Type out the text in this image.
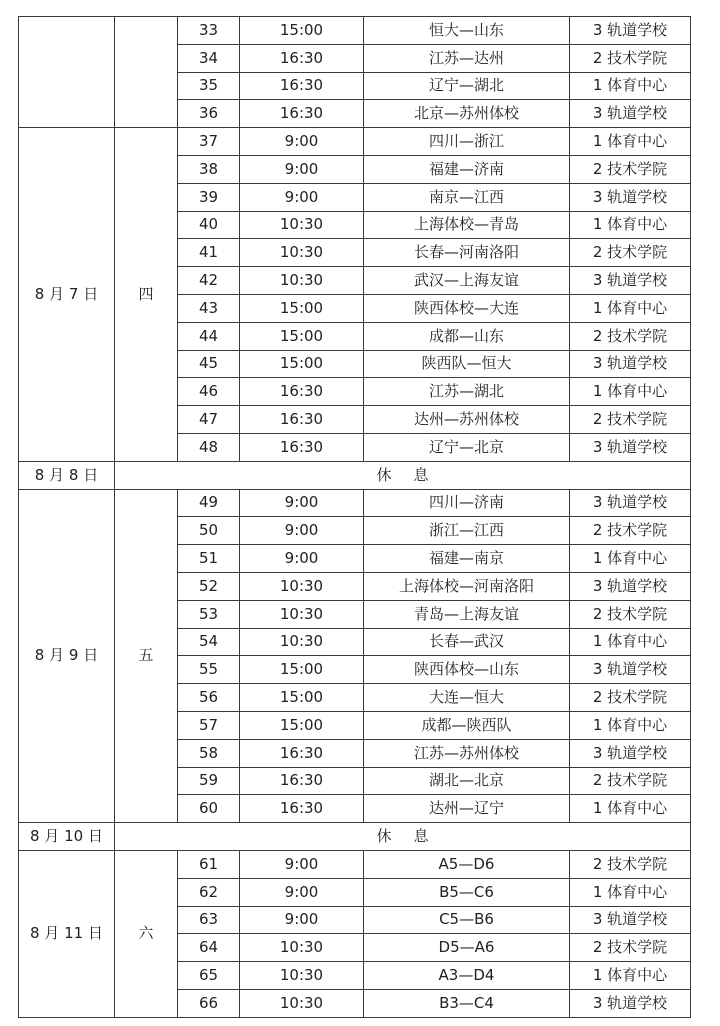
		33	15:00	恒大—山东	3 轨道学校
		34	16:30	江苏—达州	2 技术学院
		35	16:30	辽宁—湖北	1 体育中心
		36	16:30	北京—苏州体校	3 轨道学校
8 月 7 日	四	37	9:00	四川—浙江	1 体育中心
		38	9:00	福建—济南	2 技术学院
		39	9:00	南京—江西	3 轨道学校
		40	10:30	上海体校—青岛	1 体育中心
		41	10:30	长春—河南洛阳	2 技术学院
		42	10:30	武汉—上海友谊	3 轨道学校
		43	15:00	陕西体校—大连	1 体育中心
		44	15:00	成都—山东	2 技术学院
		45	15:00	陕西队—恒大	3 轨道学校
		46	16:30	江苏—湖北	1 体育中心
		47	16:30	达州—苏州体校	2 技术学院
		48	16:30	辽宁—北京	3 轨道学校
8 月 8 日	休 息				
8 月 9 日	五	49	9:00	四川—济南	3 轨道学校
		50	9:00	浙江—江西	2 技术学院
		51	9:00	福建—南京	1 体育中心
		52	10:30	上海体校—河南洛阳	3 轨道学校
		53	10:30	青岛—上海友谊	2 技术学院
		54	10:30	长春—武汉	1 体育中心
		55	15:00	陕西体校—山东	3 轨道学校
		56	15:00	大连—恒大	2 技术学院
		57	15:00	成都—陕西队	1 体育中心
		58	16:30	江苏—苏州体校	3 轨道学校
		59	16:30	湖北—北京	2 技术学院
		60	16:30	达州—辽宁	1 体育中心
8 月 10 日	休 息				
8 月 11 日	六	61	9:00	A5—D6	2 技术学院
		62	9:00	B5—C6	1 体育中心
		63	9:00	C5—B6	3 轨道学校
		64	10:30	D5—A6	2 技术学院
		65	10:30	A3—D4	1 体育中心
		66	10:30	B3—C4	3 轨道学校
